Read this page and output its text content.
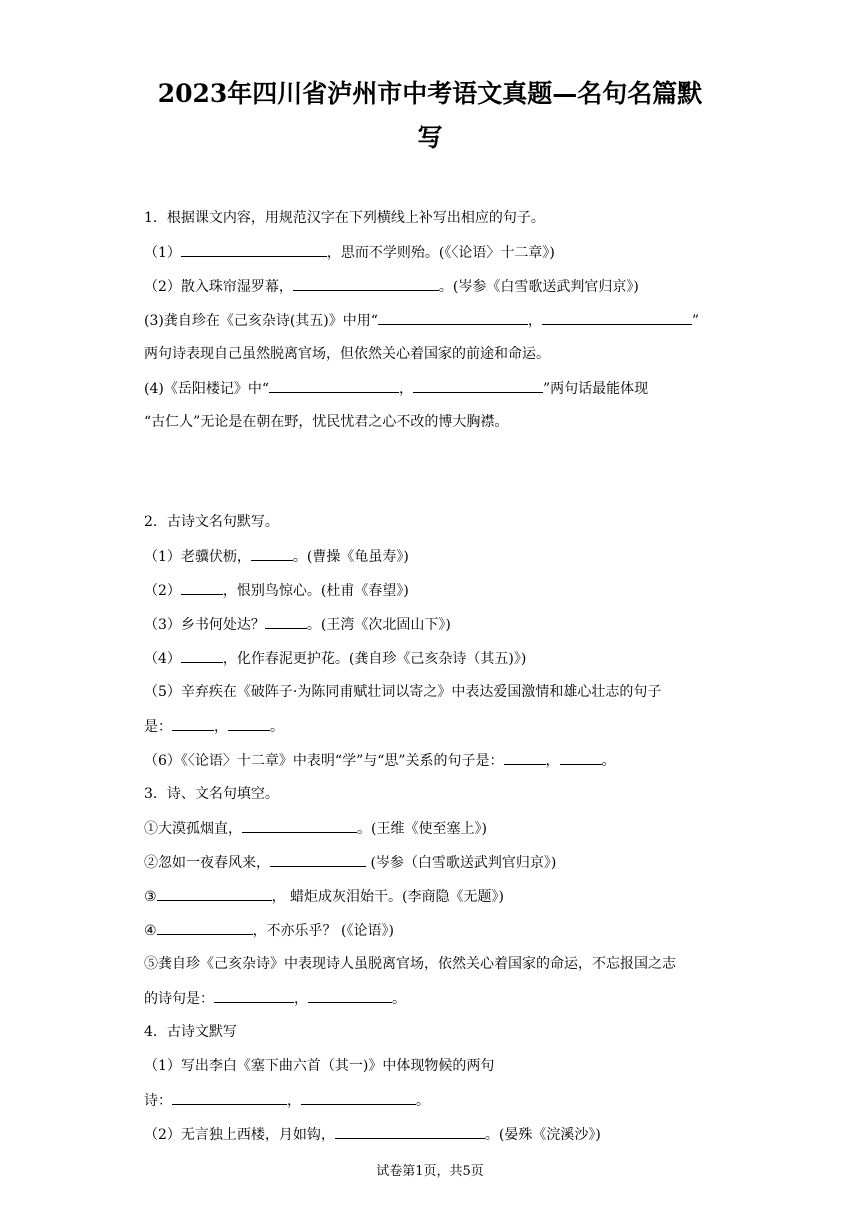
2023年四川省泸州市中考语文真题—名句名篇默
写
1．根据课文内容，用规范汉字在下列横线上补写出相应的句子。
（1）	，思而不学则殆。(《〈论语〉十二章》)
（2）散入珠帘湿罗幕，	。(岑参《白雪歌送武判官归京》)
(3)龚自珍在《己亥杂诗(其五)》中用“	，	”
两句诗表现自己虽然脱离官场，但依然关心着国家的前途和命运。
(4)《岳阳楼记》中“	，	”两句话最能体现
“古仁人”无论是在朝在野，忧民忧君之心不改的博大胸襟。
2．古诗文名句默写。
（1）老骥伏枥，	。(曹操《龟虽寿》)
（2）	，恨别鸟惊心。(杜甫《春望》)
（3）乡书何处达？	。(王湾《次北固山下》)
（4）	，化作春泥更护花。(龚自珍《己亥杂诗（其五)》)
（5）辛弃疾在《破阵子·为陈同甫赋壮词以寄之》中表达爱国激情和雄心壮志的句子
是：	，	。
（6）《〈论语〉十二章》中表明“学”与“思”关系的句子是：	，	。
3．诗、文名句填空。
①大漠孤烟直，	。(王维《使至塞上》)
②忽如一夜春风来，	(岑参（白雪歌送武判官归京》)
③	， 蜡炬成灰泪始干。(李商隐《无题》)
④	，不亦乐乎？ (《论语》)
⑤龚自珍《己亥杂诗》中表现诗人虽脱离官场，依然关心着国家的命运，不忘报国之志
的诗句是：	，	。
4．古诗文默写
（1）写出李白《塞下曲六首（其一)》中体现物候的两句
诗：	，	。
（2）无言独上西楼，月如钩，	。(晏殊《浣溪沙》)
试卷第1页，共5页
